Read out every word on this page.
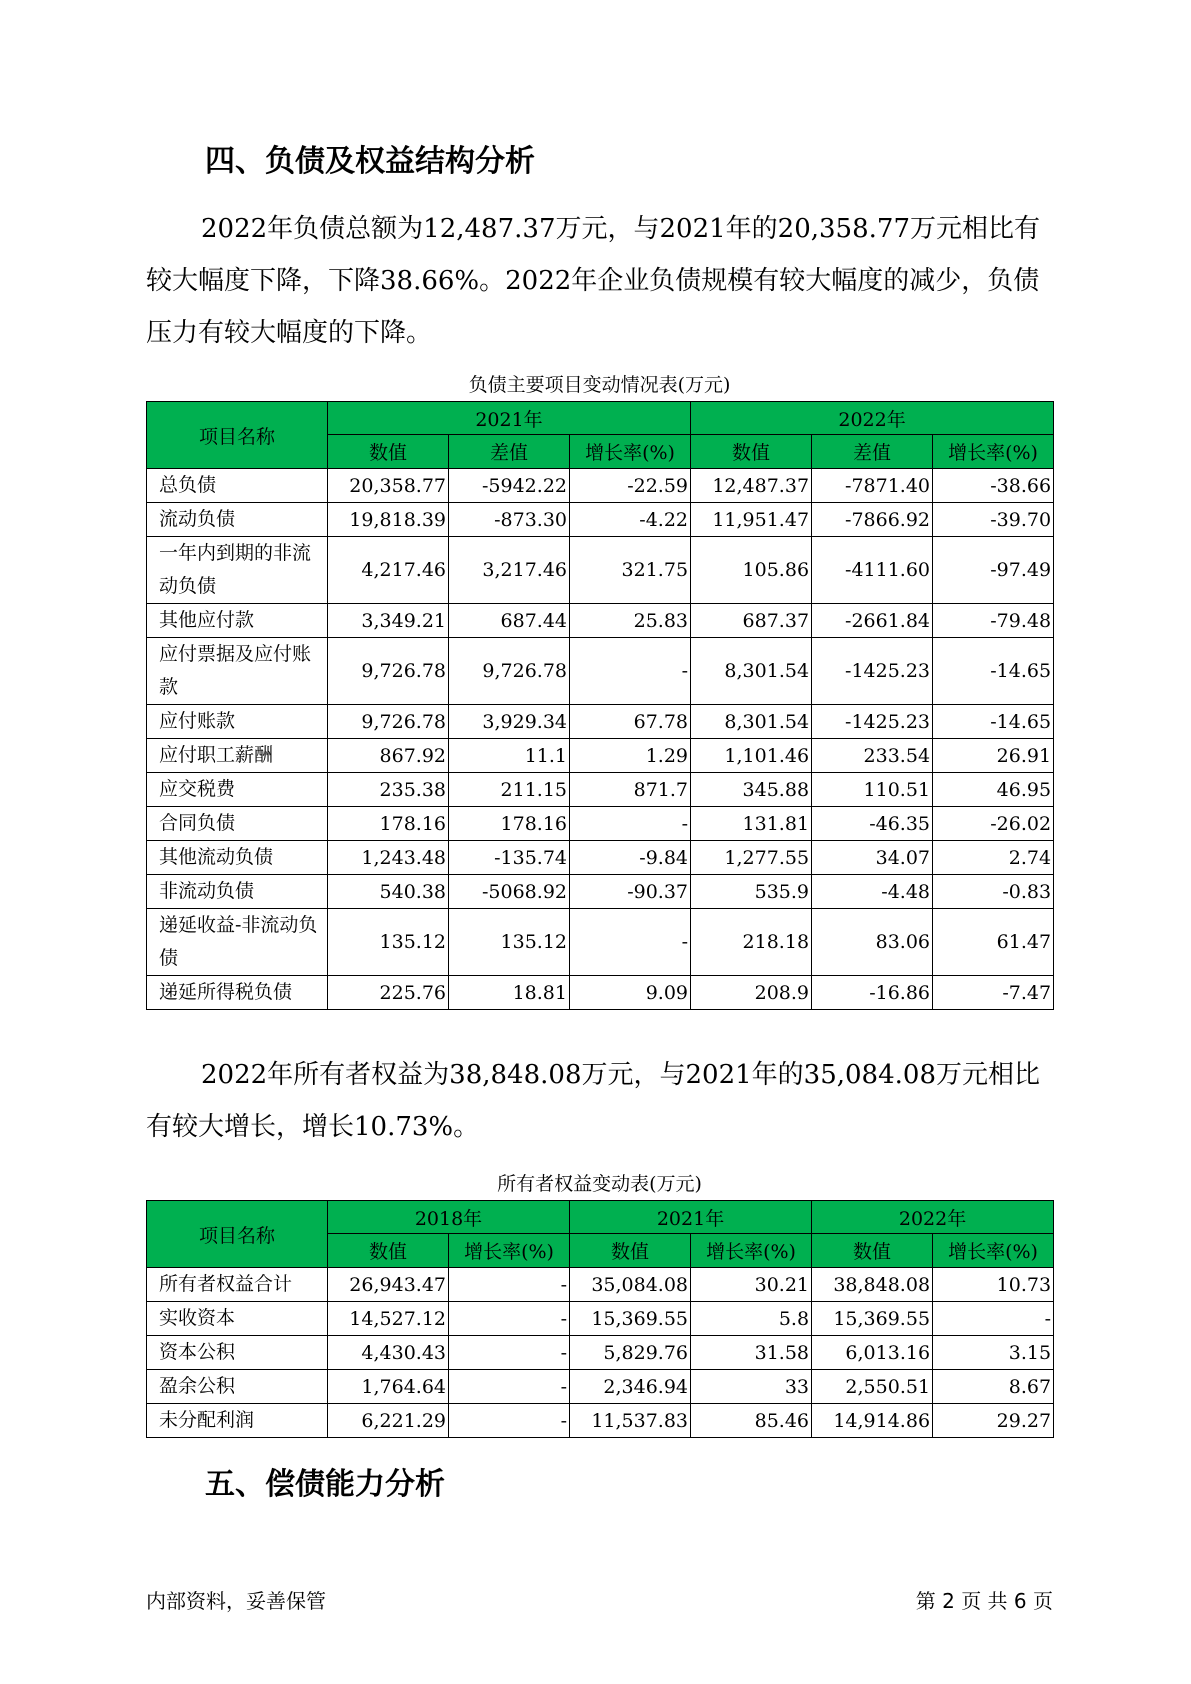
四、负债及权益结构分析

2022年负债总额为12,487.37万元，与2021年的20,358.77万元相比有较大幅度下降，下降38.66%。2022年企业负债规模有较大幅度的减少，负债压力有较大幅度的下降。

负债主要项目变动情况表(万元)
项目名称	2021年			2022年		
	数值	差值	增长率(%)	数值	差值	增长率(%)
总负债	20,358.77	-5942.22	-22.59	12,487.37	-7871.40	-38.66
流动负债	19,818.39	-873.30	-4.22	11,951.47	-7866.92	-39.70
一年内到期的非流动负债	4,217.46	3,217.46	321.75	105.86	-4111.60	-97.49
其他应付款	3,349.21	687.44	25.83	687.37	-2661.84	-79.48
应付票据及应付账款	9,726.78	9,726.78	-	8,301.54	-1425.23	-14.65
应付账款	9,726.78	3,929.34	67.78	8,301.54	-1425.23	-14.65
应付职工薪酬	867.92	11.1	1.29	1,101.46	233.54	26.91
应交税费	235.38	211.15	871.7	345.88	110.51	46.95
合同负债	178.16	178.16	-	131.81	-46.35	-26.02
其他流动负债	1,243.48	-135.74	-9.84	1,277.55	34.07	2.74
非流动负债	540.38	-5068.92	-90.37	535.9	-4.48	-0.83
递延收益-非流动负债	135.12	135.12	-	218.18	83.06	61.47
递延所得税负债	225.76	18.81	9.09	208.9	-16.86	-7.47

2022年所有者权益为38,848.08万元，与2021年的35,084.08万元相比有较大增长，增长10.73%。

所有者权益变动表(万元)
项目名称	2018年		2021年		2022年	
	数值	增长率(%)	数值	增长率(%)	数值	增长率(%)
所有者权益合计	26,943.47	-	35,084.08	30.21	38,848.08	10.73
实收资本	14,527.12	-	15,369.55	5.8	15,369.55	-
资本公积	4,430.43	-	5,829.76	31.58	6,013.16	3.15
盈余公积	1,764.64	-	2,346.94	33	2,550.51	8.67
未分配利润	6,221.29	-	11,537.83	85.46	14,914.86	29.27
五、偿债能力分析
内部资料，妥善保管	第 2 页 共 6 页
